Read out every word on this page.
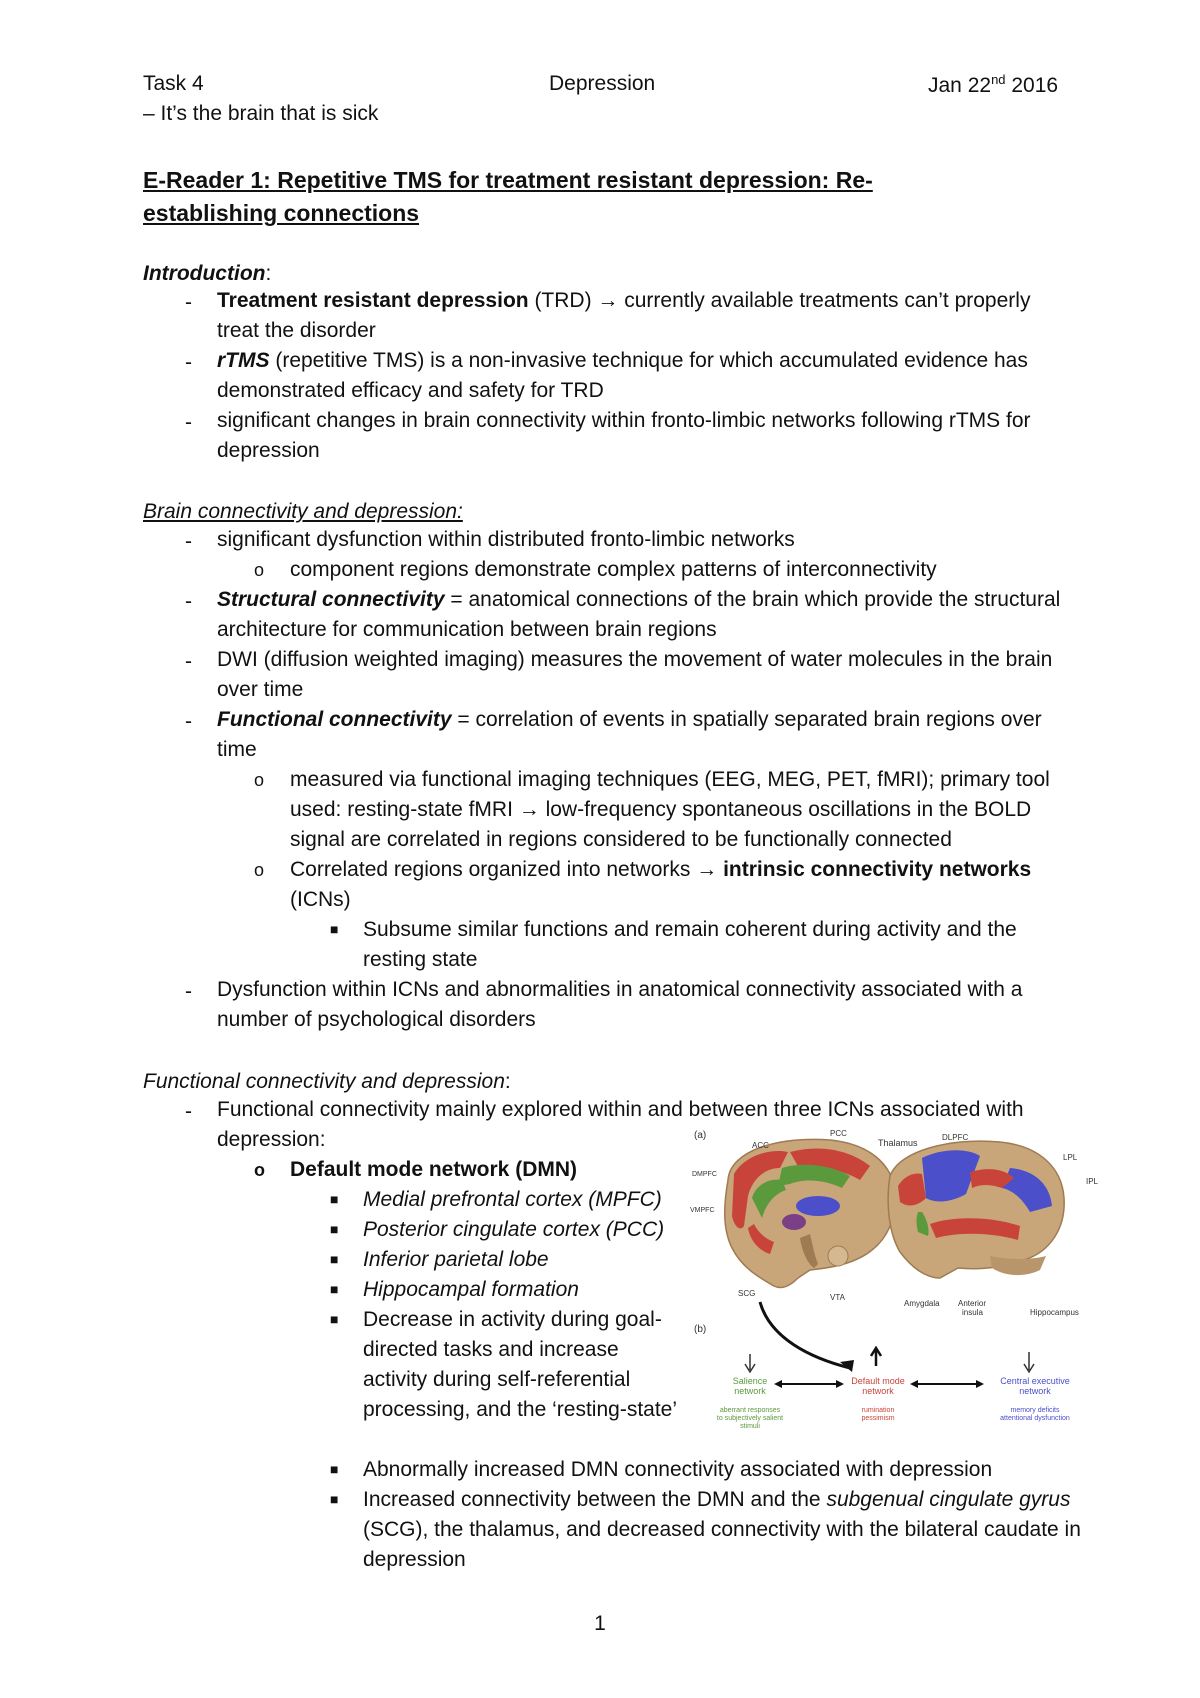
Task 4	Depression	Jan 22nd 2016
– It’s the brain that is sick
E-Reader 1: Repetitive TMS for treatment resistant depression: Re-establishing connections
Introduction:
- Treatment resistant depression (TRD) → currently available treatments can’t properly treat the disorder
- rTMS (repetitive TMS) is a non-invasive technique for which accumulated evidence has demonstrated efficacy and safety for TRD
- significant changes in brain connectivity within fronto-limbic networks following rTMS for depression
Brain connectivity and depression:
- significant dysfunction within distributed fronto-limbic networks
o component regions demonstrate complex patterns of interconnectivity
- Structural connectivity = anatomical connections of the brain which provide the structural architecture for communication between brain regions
- DWI (diffusion weighted imaging) measures the movement of water molecules in the brain over time
- Functional connectivity = correlation of events in spatially separated brain regions over time
o measured via functional imaging techniques (EEG, MEG, PET, fMRI); primary tool used: resting-state fMRI → low-frequency spontaneous oscillations in the BOLD signal are correlated in regions considered to be functionally connected
o Correlated regions organized into networks → intrinsic connectivity networks (ICNs)
■ Subsume similar functions and remain coherent during activity and the resting state
- Dysfunction within ICNs and abnormalities in anatomical connectivity associated with a number of psychological disorders
Functional connectivity and depression:
- Functional connectivity mainly explored within and between three ICNs associated with depression:
o Default mode network (DMN)
■ Medial prefrontal cortex (MPFC)
■ Posterior cingulate cortex (PCC)
■ Inferior parietal lobe
■ Hippocampal formation
■ Decrease in activity during goal-directed tasks and increase activity during self-referential processing, and the ‘resting-state’
■ Abnormally increased DMN connectivity associated with depression
■ Increased connectivity between the DMN and the subgenual cingulate gyrus (SCG), the thalamus, and decreased connectivity with the bilateral caudate in depression
(a)
ACC
PCC
Thalamus
DLPFC
LPL
IPL
DMPFC
VMPFC
SCG	VTA
Amygdala Anterior
insula	Hippocampus
(b)
Salience
network
Default mode
network
Central executive
network
aberrant responses
to subjectively salient
stimuli
rumination
pessimism
memory deficits
attentional dysfunction
1
